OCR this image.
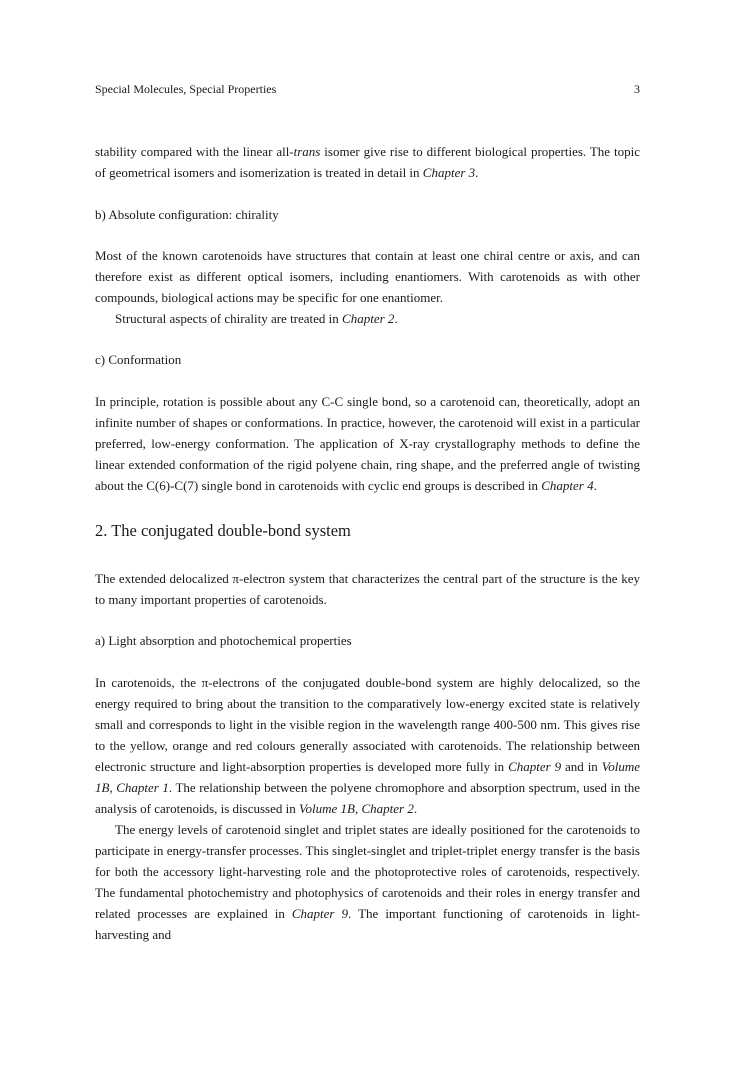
Special Molecules, Special Properties	3

stability compared with the linear all-trans isomer give rise to different biological properties. The topic of geometrical isomers and isomerization is treated in detail in Chapter 3.

b) Absolute configuration: chirality

Most of the known carotenoids have structures that contain at least one chiral centre or axis, and can therefore exist as different optical isomers, including enantiomers. With carotenoids as with other compounds, biological actions may be specific for one enantiomer.

Structural aspects of chirality are treated in Chapter 2.

c) Conformation

In principle, rotation is possible about any C-C single bond, so a carotenoid can, theoretically, adopt an infinite number of shapes or conformations. In practice, however, the carotenoid will exist in a particular preferred, low-energy conformation. The application of X-ray crystallography methods to define the linear extended conformation of the rigid polyene chain, ring shape, and the preferred angle of twisting about the C(6)-C(7) single bond in carotenoids with cyclic end groups is described in Chapter 4.

2. The conjugated double-bond system

The extended delocalized π-electron system that characterizes the central part of the structure is the key to many important properties of carotenoids.

a) Light absorption and photochemical properties

In carotenoids, the π-electrons of the conjugated double-bond system are highly delocalized, so the energy required to bring about the transition to the comparatively low-energy excited state is relatively small and corresponds to light in the visible region in the wavelength range 400-500 nm. This gives rise to the yellow, orange and red colours generally associated with carotenoids. The relationship between electronic structure and light-absorption properties is developed more fully in Chapter 9 and in Volume 1B, Chapter 1. The relationship between the polyene chromophore and absorption spectrum, used in the analysis of carotenoids, is discussed in Volume 1B, Chapter 2.

The energy levels of carotenoid singlet and triplet states are ideally positioned for the carotenoids to participate in energy-transfer processes. This singlet-singlet and triplet-triplet energy transfer is the basis for both the accessory light-harvesting role and the photoprotective roles of carotenoids, respectively. The fundamental photochemistry and photophysics of carotenoids and their roles in energy transfer and related processes are explained in Chapter 9. The important functioning of carotenoids in light-harvesting and
